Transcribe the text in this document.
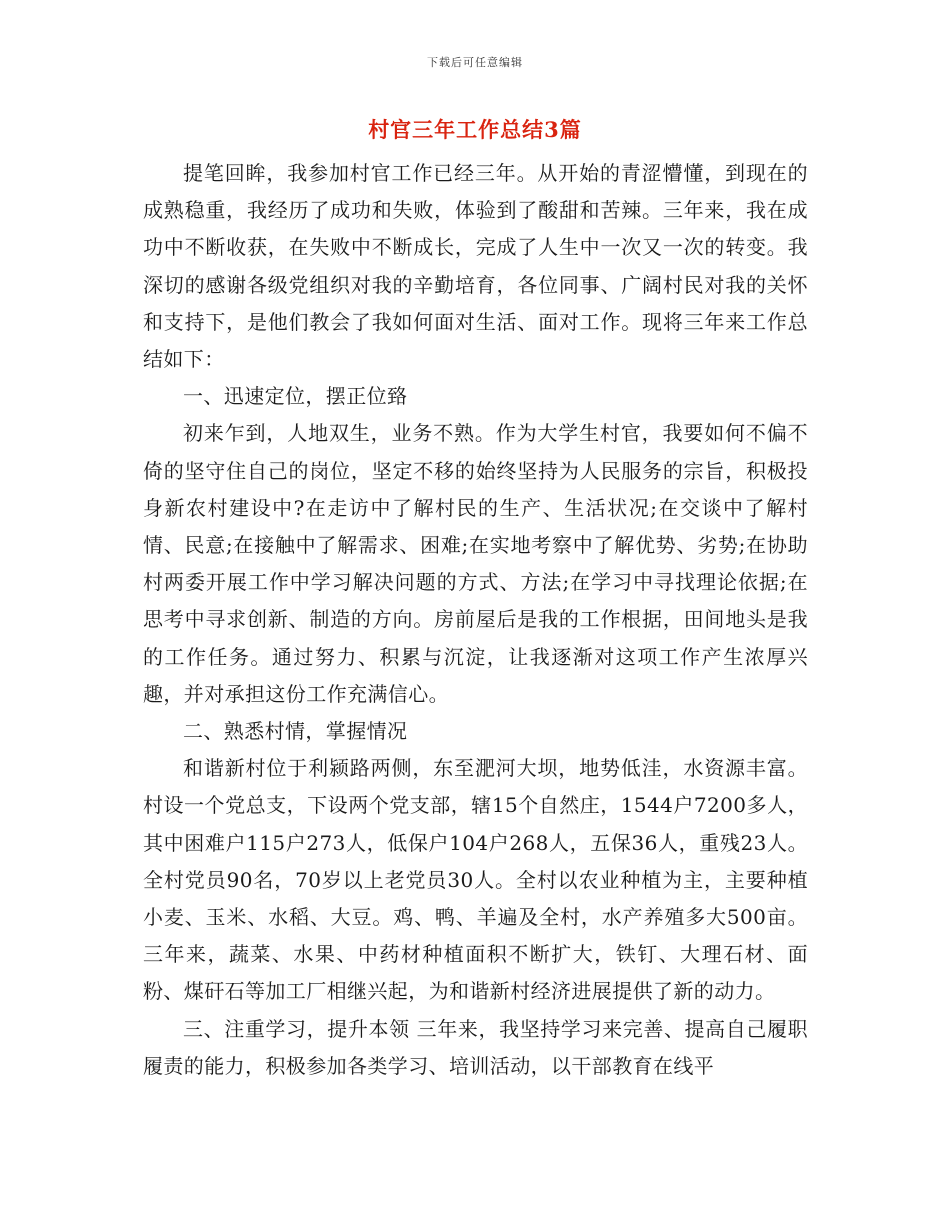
下载后可任意编辑
村官三年工作总结3篇

提笔回眸，我参加村官工作已经三年。从开始的青涩懵懂，到现在的成熟稳重，我经历了成功和失败，体验到了酸甜和苦辣。三年来，我在成功中不断收获，在失败中不断成长，完成了人生中一次又一次的转变。我深切的感谢各级党组织对我的辛勤培育，各位同事、广阔村民对我的关怀和支持下，是他们教会了我如何面对生活、面对工作。现将三年来工作总结如下：

一、迅速定位，摆正位臵

初来乍到，人地双生，业务不熟。作为大学生村官，我要如何不偏不倚的坚守住自己的岗位，坚定不移的始终坚持为人民服务的宗旨，积极投身新农村建设中?在走访中了解村民的生产、生活状况;在交谈中了解村情、民意;在接触中了解需求、困难;在实地考察中了解优势、劣势;在协助村两委开展工作中学习解决问题的方式、方法;在学习中寻找理论依据;在思考中寻求创新、制造的方向。房前屋后是我的工作根据，田间地头是我的工作任务。通过努力、积累与沉淀，让我逐渐对这项工作产生浓厚兴趣，并对承担这份工作充满信心。

二、熟悉村情，掌握情况

和谐新村位于利颍路两侧，东至淝河大坝，地势低洼，水资源丰富。村设一个党总支，下设两个党支部，辖15个自然庄，1544户7200多人，其中困难户115户273人，低保户104户268人，五保36人，重残23人。全村党员90名，70岁以上老党员30人。全村以农业种植为主，主要种植小麦、玉米、水稻、大豆。鸡、鸭、羊遍及全村，水产养殖多大500亩。三年来，蔬菜、水果、中药材种植面积不断扩大，铁钉、大理石材、面粉、煤矸石等加工厂相继兴起，为和谐新村经济进展提供了新的动力。

三、注重学习，提升本领 三年来，我坚持学习来完善、提高自己履职履责的能力，积极参加各类学习、培训活动，以干部教育在线平
